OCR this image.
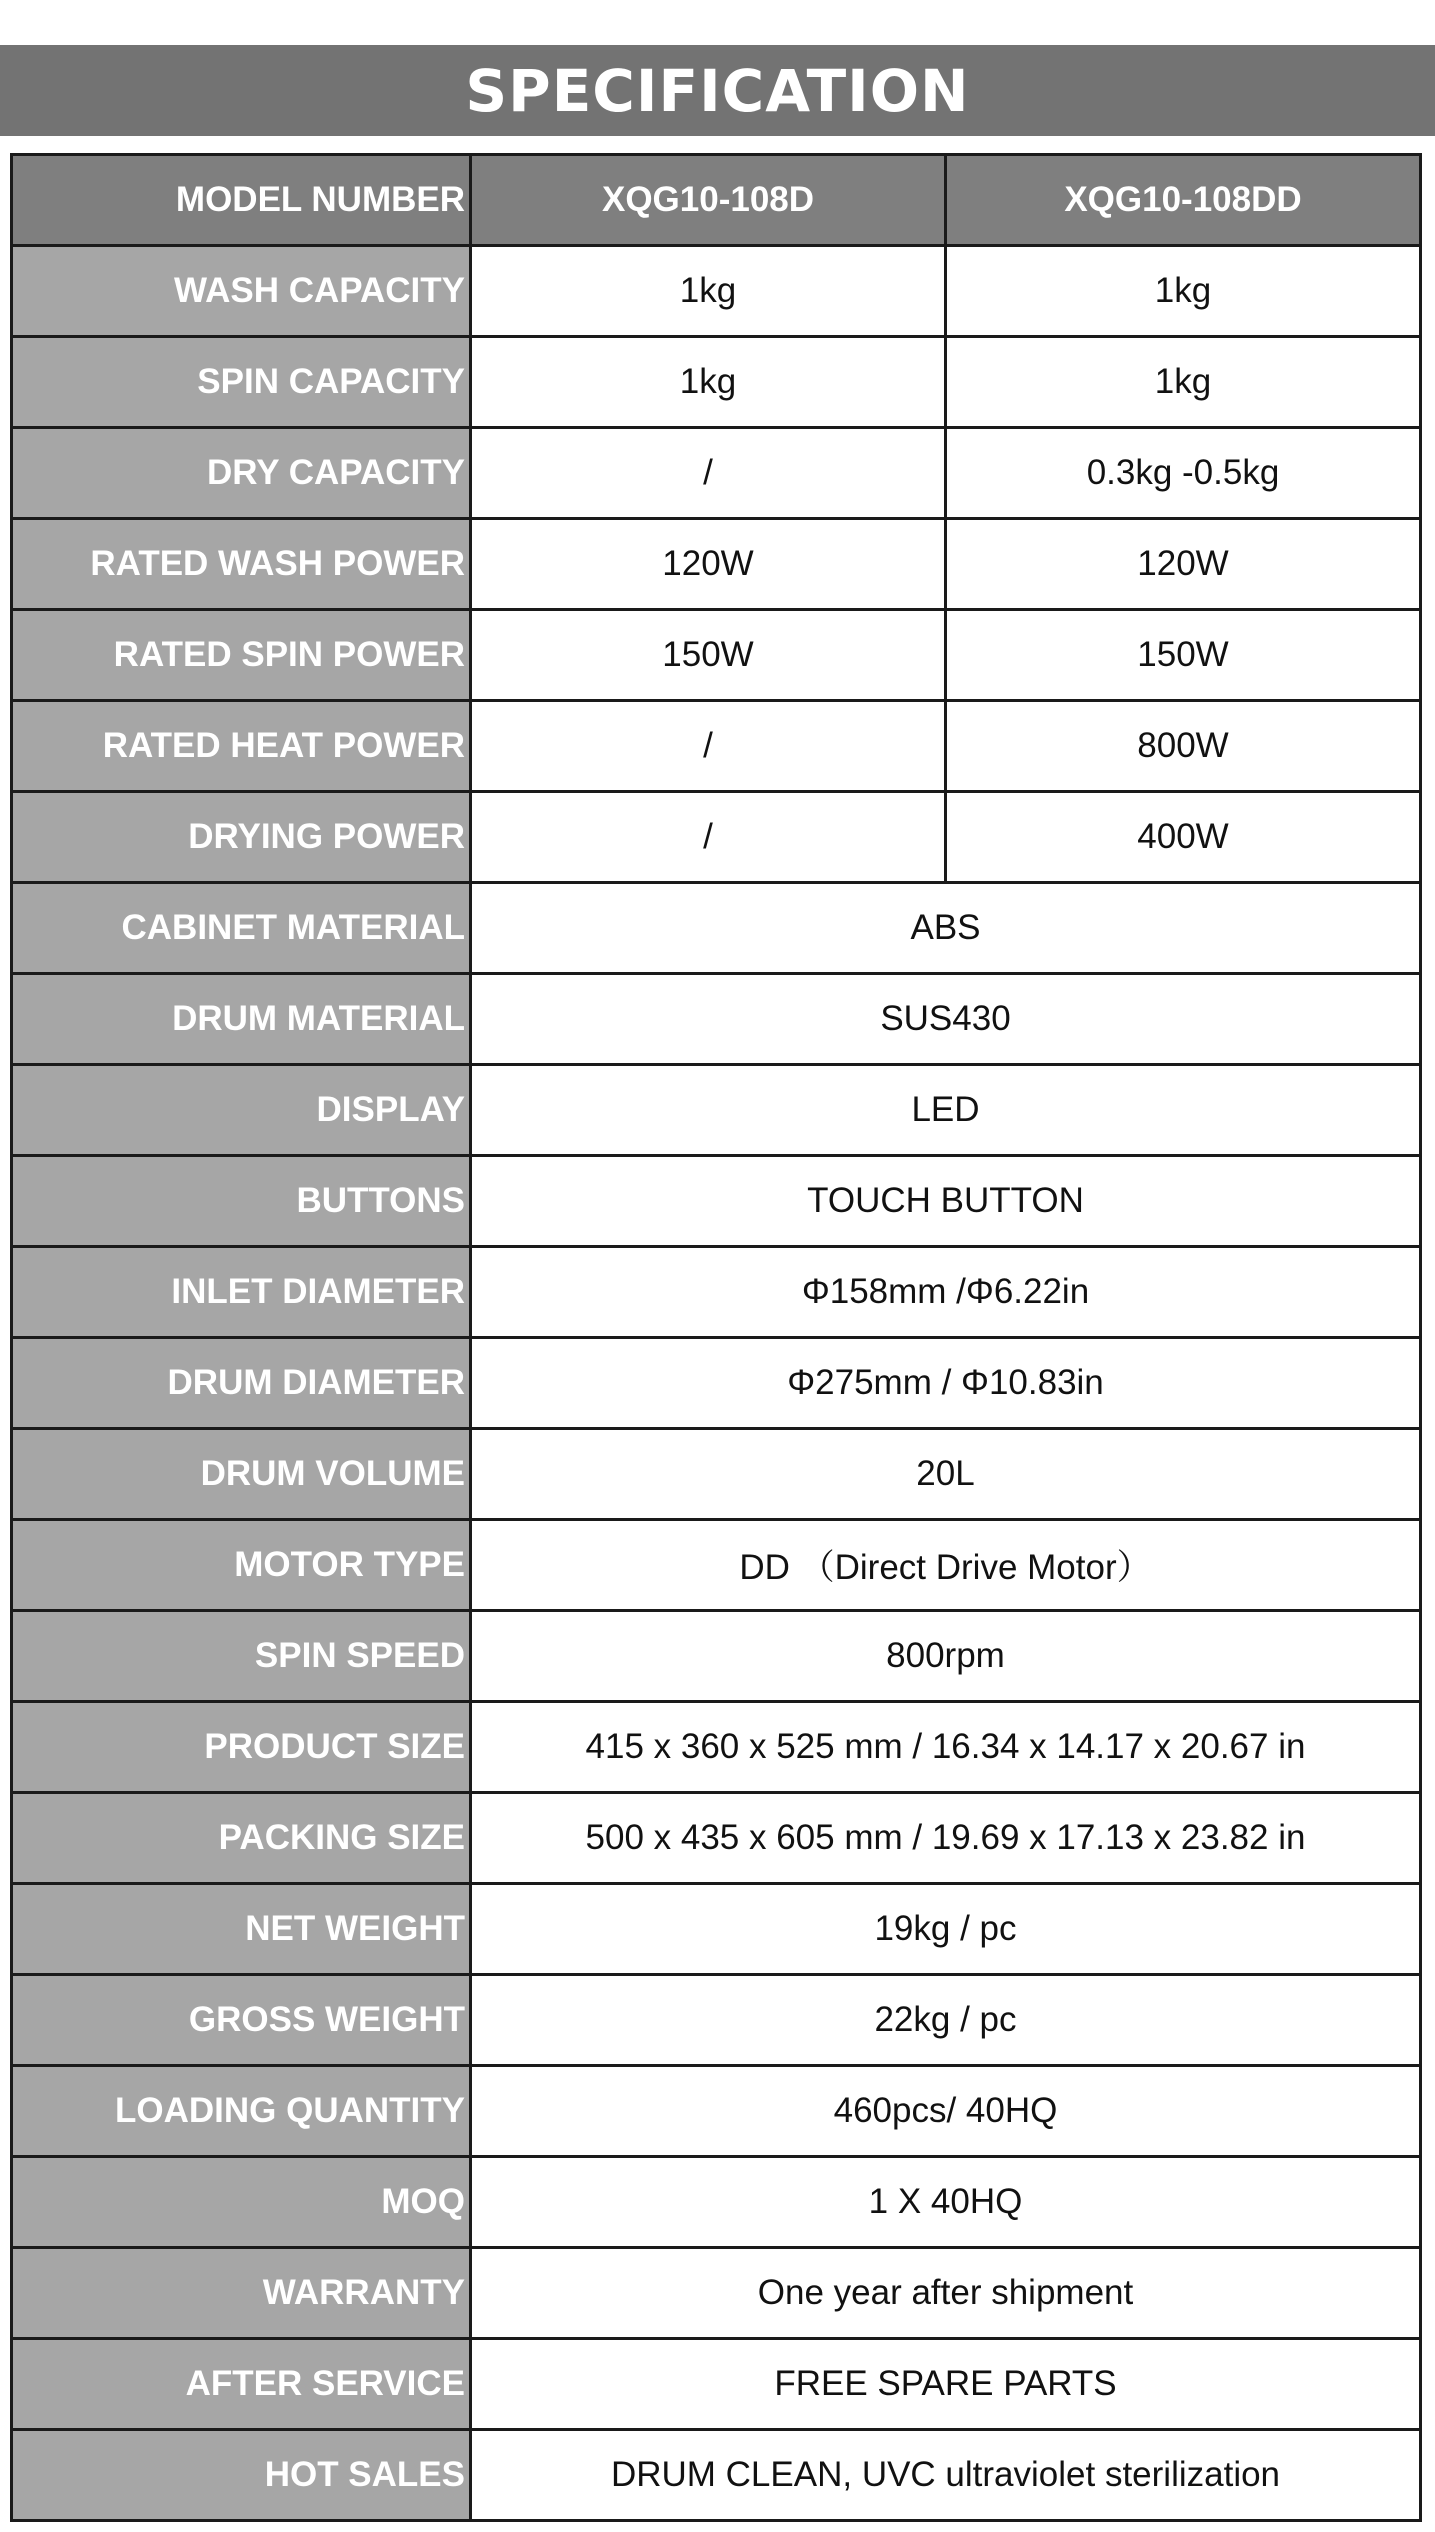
SPECIFICATION
MODEL NUMBER	XQG10-108D	XQG10-108DD
WASH CAPACITY	1kg	1kg
SPIN CAPACITY	1kg	1kg
DRY CAPACITY	/	0.3kg -0.5kg
RATED WASH POWER	120W	120W
RATED SPIN POWER	150W	150W
RATED HEAT POWER	/	800W
DRYING POWER	/	400W
CABINET MATERIAL	ABS	
DRUM MATERIAL	SUS430	
DISPLAY	LED	
BUTTONS	TOUCH BUTTON	
INLET DIAMETER	Φ158mm /Φ6.22in	
DRUM DIAMETER	Φ275mm / Φ10.83in	
DRUM VOLUME	20L	
MOTOR TYPE	DD （Direct Drive Motor）	
SPIN SPEED	800rpm	
PRODUCT SIZE	415 x 360 x 525 mm / 16.34 x 14.17 x 20.67 in	
PACKING SIZE	500 x 435 x 605 mm / 19.69 x 17.13 x 23.82 in	
NET WEIGHT	19kg / pc	
GROSS WEIGHT	22kg / pc	
LOADING QUANTITY	460pcs/ 40HQ	
MOQ	1 X 40HQ	
WARRANTY	One year after shipment	
AFTER SERVICE	FREE SPARE PARTS	
HOT SALES	DRUM CLEAN, UVC ultraviolet sterilization	
